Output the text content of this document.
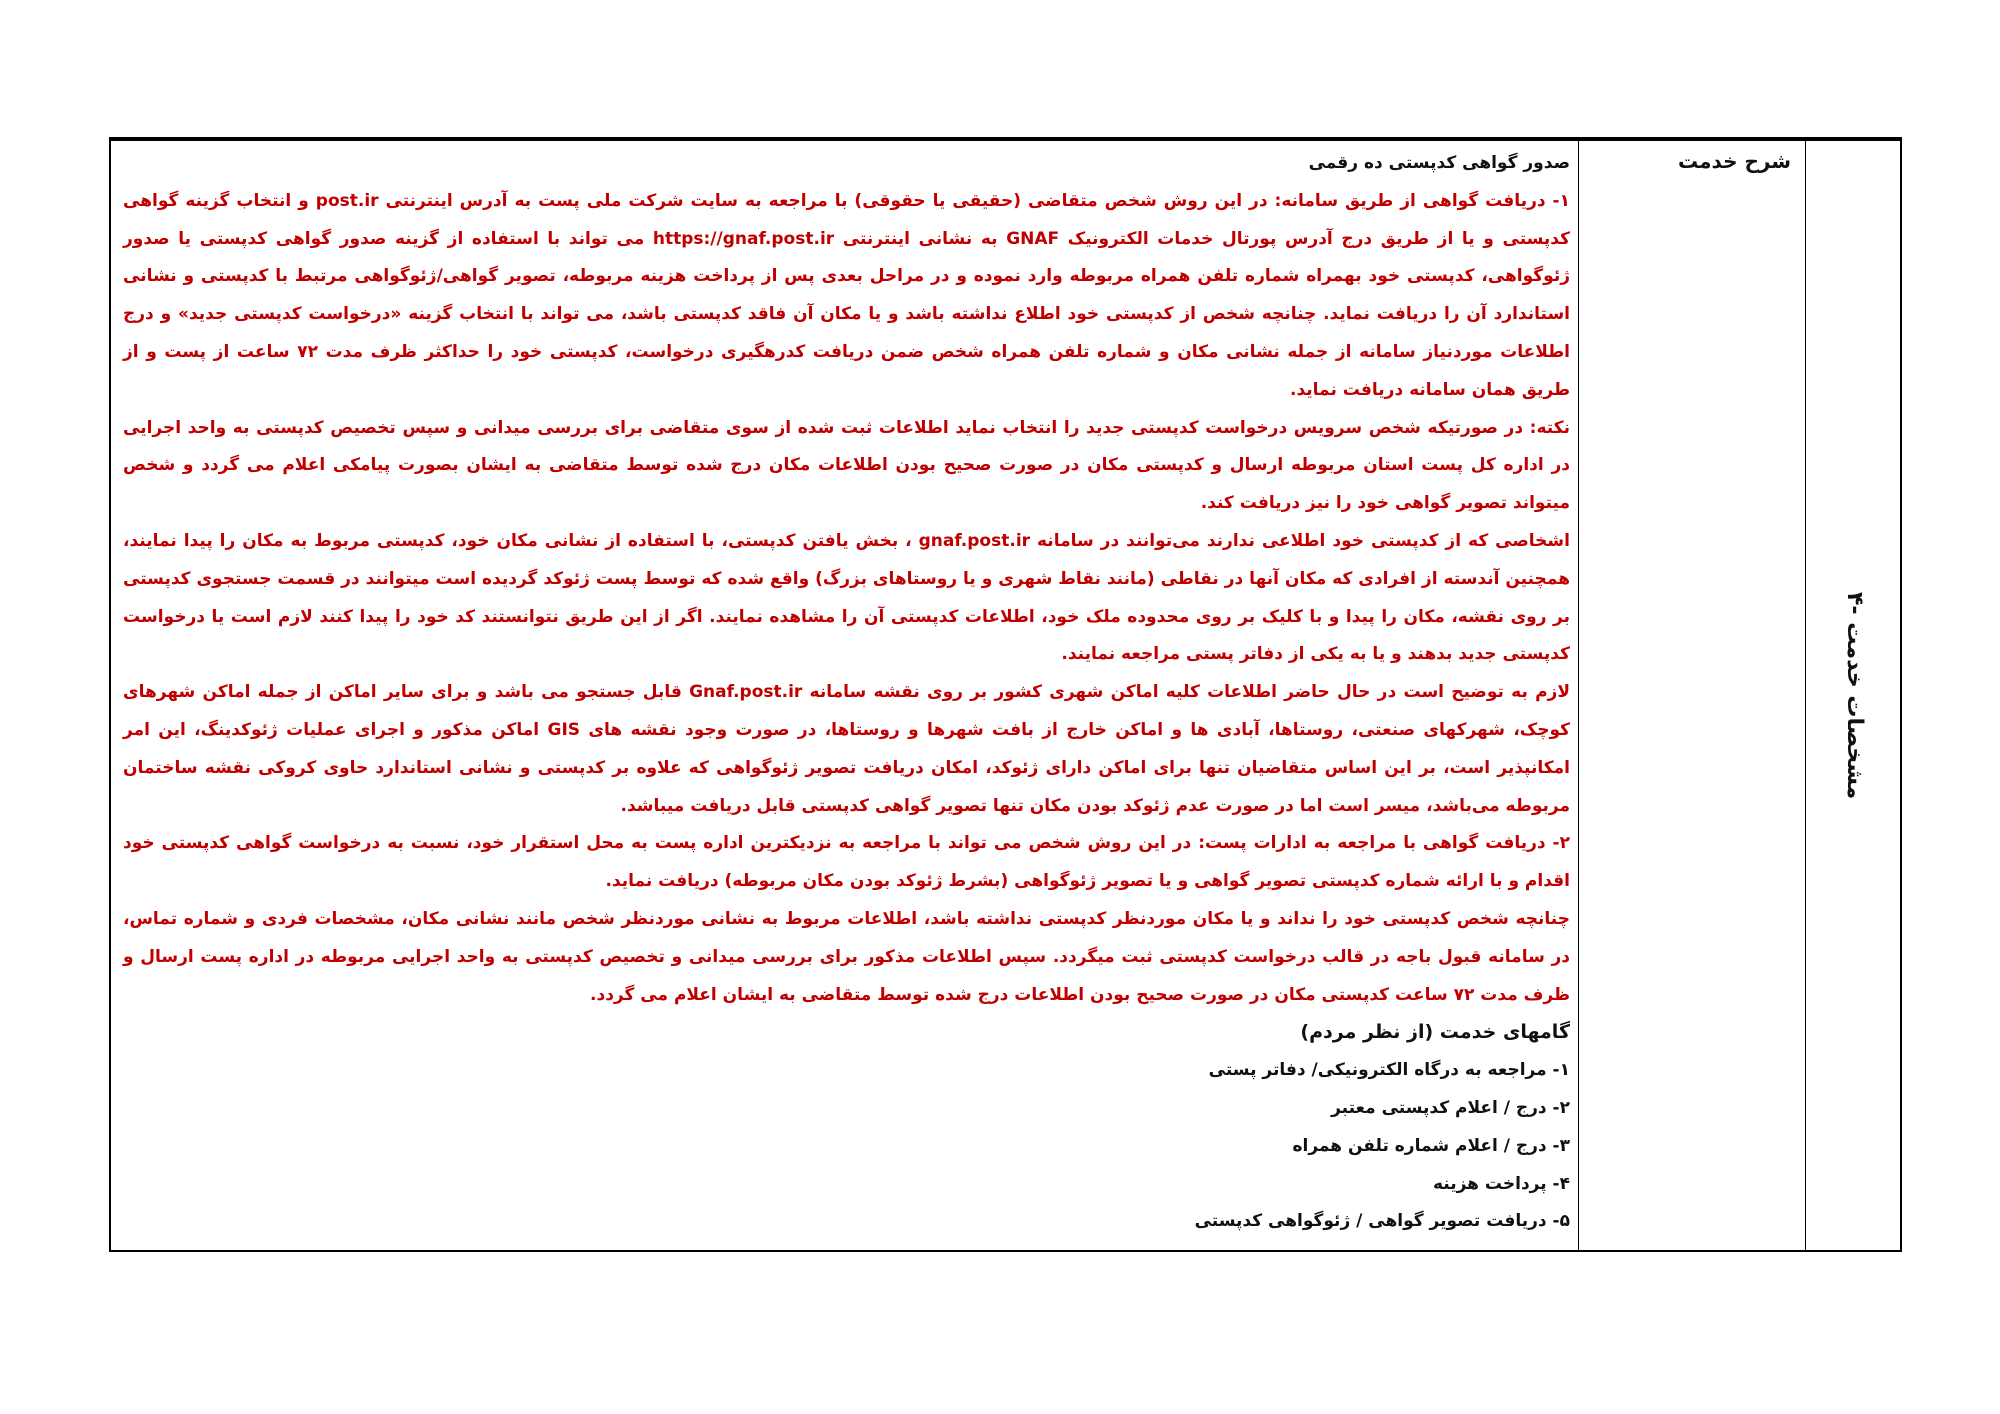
۴- مشخصات خدمت
شرح خدمت

صدور گواهی کدپستی ده رقمی

۱- دریافت گواهی از طریق سامانه: در این روش شخص متقاضی (حقیقی یا حقوقی) با مراجعه به سایت شرکت ملی پست به آدرس اینترنتی post.ir و انتخاب گزینه گواهی کدپستی و یا از طریق درج آدرس پورتال خدمات الکترونیک GNAF به نشانی اینترنتی https://gnaf.post.ir می تواند با استفاده از گزینه صدور گواهی کدپستی یا صدور ژئوگواهی، کدپستی خود بهمراه شماره تلفن همراه مربوطه وارد نموده و در مراحل بعدی پس از پرداخت هزینه مربوطه، تصویر گواهی/ژئوگواهی مرتبط با کدپستی و نشانی استاندارد آن را دریافت نماید. چنانچه شخص از کدپستی خود اطلاع نداشته باشد و یا مکان آن فاقد کدپستی باشد، می تواند با انتخاب گزینه «درخواست کدپستی جدید» و درج اطلاعات موردنیاز سامانه از جمله نشانی مکان و شماره تلفن همراه شخص ضمن دریافت کدرهگیری درخواست، کدپستی خود را حداکثر ظرف مدت ۷۲ ساعت از پست و از طریق همان سامانه دریافت نماید.

نکته: در صورتیکه شخص سرویس درخواست کدپستی جدید را انتخاب نماید اطلاعات ثبت شده از سوی متقاضی برای بررسی میدانی و سپس تخصیص کدپستی به واحد اجرایی در اداره کل پست استان مربوطه ارسال و کدپستی مکان در صورت صحیح بودن اطلاعات مکان درج شده توسط متقاضی به ایشان بصورت پیامکی اعلام می گردد و شخص میتواند تصویر گواهی خود را نیز دریافت کند.

اشخاصی که از کدپستی خود اطلاعی ندارند می‌توانند در سامانه gnaf.post.ir ، بخش یافتن کدپستی، با استفاده از نشانی مکان خود، کدپستی مربوط به مکان را پیدا نمایند، همچنین آندسته از افرادی که مکان آنها در نقاطی (مانند نقاط شهری و یا روستاهای بزرگ) واقع شده که توسط پست ژئوکد گردیده است میتوانند در قسمت جستجوی کدپستی بر روی نقشه، مکان را پیدا و با کلیک بر روی محدوده ملک خود، اطلاعات کدپستی آن را مشاهده نمایند. اگر از این طریق نتوانستند کد خود را پیدا کنند لازم است یا درخواست کدپستی جدید بدهند و یا به یکی از دفاتر پستی مراجعه نمایند.

لازم به توضیح است در حال حاضر اطلاعات کلیه اماکن شهری کشور بر روی نقشه سامانه Gnaf.post.ir قابل جستجو می باشد و برای سایر اماکن از جمله اماکن شهرهای کوچک، شهرکهای صنعتی، روستاها، آبادی ها و اماکن خارج از بافت شهرها و روستاها، در صورت وجود نقشه های GIS اماکن مذکور و اجرای عملیات ژئوکدینگ، این امر امکانپذیر است، بر این اساس متقاضیان تنها برای اماکن دارای ژئوکد، امکان دریافت تصویر ژئوگواهی که علاوه بر کدپستی و نشانی استاندارد حاوی کروکی نقشه ساختمان مربوطه می‌باشد، میسر است اما در صورت عدم ژئوکد بودن مکان تنها تصویر گواهی کدپستی قابل دریافت میباشد.

۲- دریافت گواهی با مراجعه به ادارات پست: در این روش شخص می تواند با مراجعه به نزدیکترین اداره پست به محل استقرار خود، نسبت به درخواست گواهی کدپستی خود اقدام و با ارائه شماره کدپستی تصویر گواهی و یا تصویر ژئوگواهی (بشرط ژئوکد بودن مکان مربوطه) دریافت نماید.

چنانچه شخص کدپستی خود را نداند و یا مکان موردنظر کدپستی نداشته باشد، اطلاعات مربوط به نشانی موردنظر شخص مانند نشانی مکان، مشخصات فردی و شماره تماس، در سامانه قبول باجه در قالب درخواست کدپستی ثبت میگردد. سپس اطلاعات مذکور برای بررسی میدانی و تخصیص کدپستی به واحد اجرایی مربوطه در اداره پست ارسال و ظرف مدت ۷۲ ساعت کدپستی مکان در صورت صحیح بودن اطلاعات درج شده توسط متقاضی به ایشان اعلام می گردد.

گامهای خدمت (از نظر مردم)

۱- مراجعه به درگاه الکترونیکی/ دفاتر پستی

۲- درج / اعلام کدپستی معتبر

۳- درج / اعلام شماره تلفن همراه

۴- پرداخت هزینه

۵- دریافت تصویر گواهی / ژئوگواهی کدپستی
